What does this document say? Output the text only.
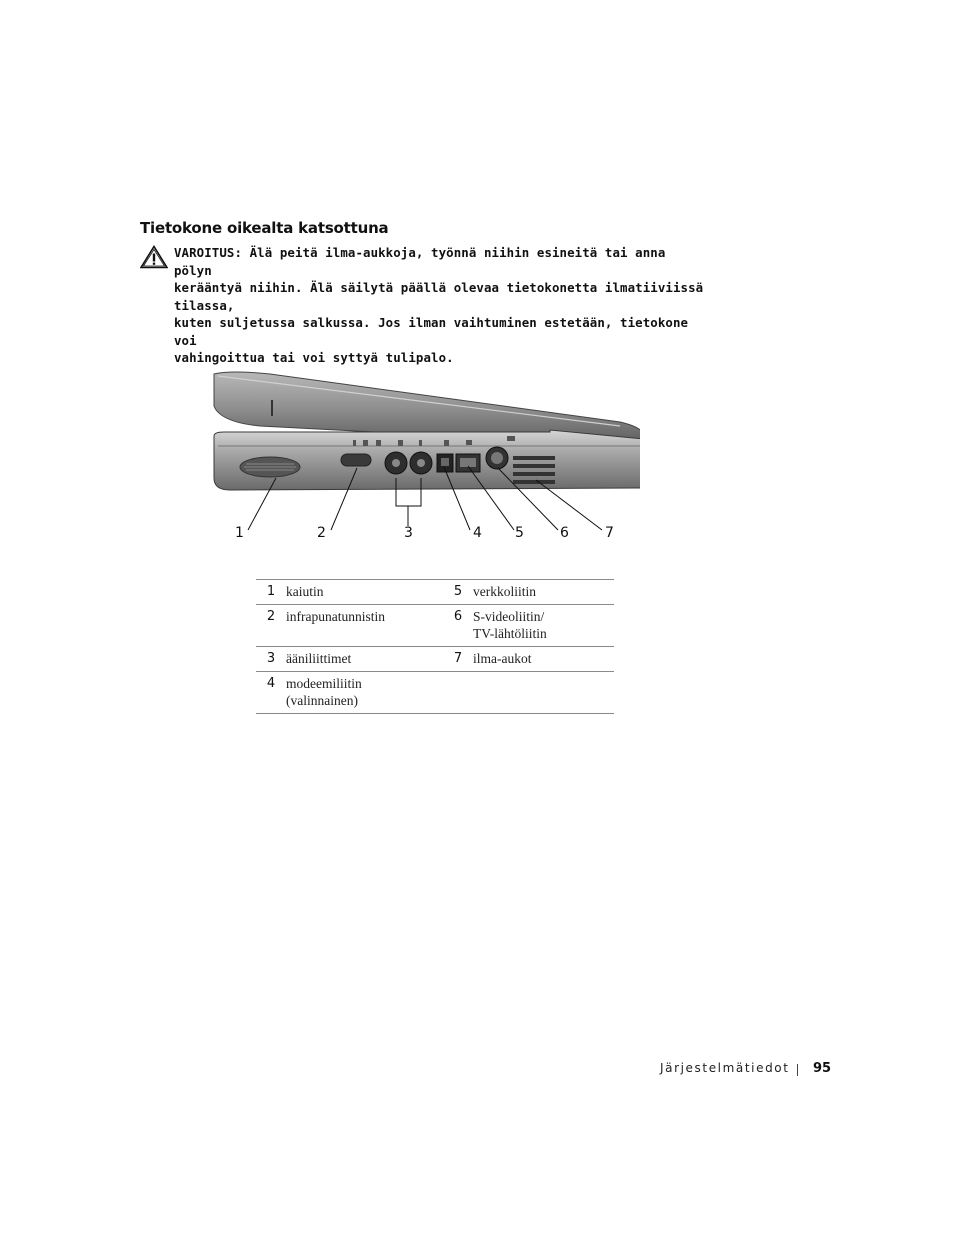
Tietokone oikealta katsottuna
VAROITUS: Älä peitä ilma-aukkoja, työnnä niihin esineitä tai anna pölyn
kerääntyä niihin. Älä säilytä päällä olevaa tietokonetta ilmatiiviissä tilassa,
kuten suljetussa salkussa. Jos ilman vaihtuminen estetään, tietokone voi
vahingoittua tai voi syttyä tulipalo.
1	2	3	4 5	6	7
1	kaiutin	5	verkkoliitin
2	infrapunatunnistin	6	S-videoliitin/
TV-lähtöliitin
3	ääniliittimet	7	ilma-aukot
4	modeemiliitin
(valinnainen)		
Järjestelmätiedot 95
